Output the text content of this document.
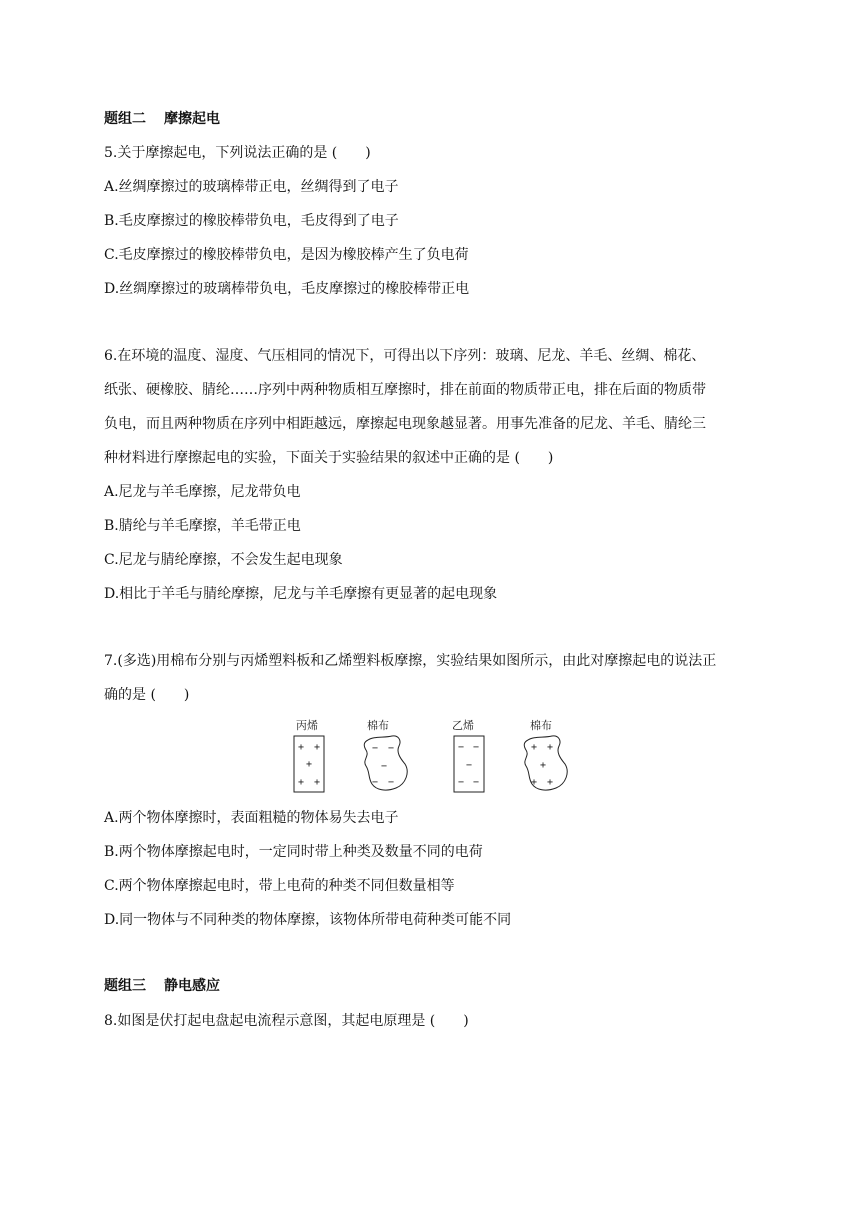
题组二 摩擦起电
5.关于摩擦起电，下列说法正确的是 (　　)
A.丝绸摩擦过的玻璃棒带正电，丝绸得到了电子
B.毛皮摩擦过的橡胶棒带负电，毛皮得到了电子
C.毛皮摩擦过的橡胶棒带负电，是因为橡胶棒产生了负电荷
D.丝绸摩擦过的玻璃棒带负电，毛皮摩擦过的橡胶棒带正电
6.在环境的温度、湿度、气压相同的情况下，可得出以下序列：玻璃、尼龙、羊毛、丝绸、棉花、
纸张、硬橡胶、腈纶……序列中两种物质相互摩擦时，排在前面的物质带正电，排在后面的物质带
负电，而且两种物质在序列中相距越远，摩擦起电现象越显著。用事先准备的尼龙、羊毛、腈纶三
种材料进行摩擦起电的实验，下面关于实验结果的叙述中正确的是 (　　)
A.尼龙与羊毛摩擦，尼龙带负电
B.腈纶与羊毛摩擦，羊毛带正电
C.尼龙与腈纶摩擦，不会发生起电现象
D.相比于羊毛与腈纶摩擦，尼龙与羊毛摩擦有更显著的起电现象
7.(多选)用棉布分别与丙烯塑料板和乙烯塑料板摩擦，实验结果如图所示，由此对摩擦起电的说法正
确的是 (　　)
丙烯	棉布	乙烯	棉布
+ +
+
+ +
− −
−
− −
− −
−
− −
+ +
+
+ +
A.两个物体摩擦时，表面粗糙的物体易失去电子
B.两个物体摩擦起电时，一定同时带上种类及数量不同的电荷
C.两个物体摩擦起电时，带上电荷的种类不同但数量相等
D.同一物体与不同种类的物体摩擦，该物体所带电荷种类可能不同
题组三 静电感应
8.如图是伏打起电盘起电流程示意图，其起电原理是 (　　)
